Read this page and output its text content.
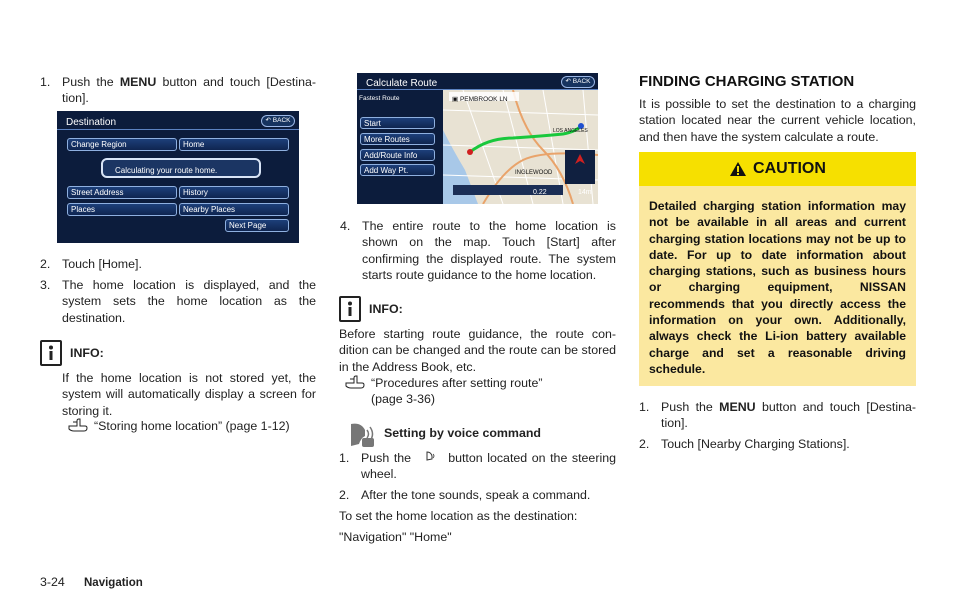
1. Push the MENU button and touch [Destina-tion].
Destination	↶ BACK
Change Region	Home
Street Address	History
Places	Nearby Places
Next Page
Calculating your route home.
2. Touch [Home].
3. The home location is displayed, and the system sets the home location as the destination.
INFO:
If the home location is not stored yet, the system will automatically display a screen for storing it.
“Storing home location” (page 1-12)
Calculate Route	↶ BACK
Fastest Route
Start
More Routes
Add/Route Info
Add Way Pt.
▣ PEMBROOK LN
INGLEWOOD
LOS ANGELES
0.22	14m
4. The entire route to the home location is shown on the map. Touch [Start] after confirming the displayed route. The system starts route guidance to the home location.
INFO:
Before starting route guidance, the route con-dition can be changed and the route can be stored in the Address Book, etc.
“Procedures after setting route” (page 3-36)
Setting by voice command
1. Push the  button located on the steering wheel.
2. After the tone sounds, speak a command.
To set the home location as the destination:
"Navigation" "Home"
FINDING CHARGING STATION
It is possible to set the destination to a charging station located near the current vehicle location, and then have the system calculate a route.
CAUTION
Detailed charging station information may not be available in all areas and current charging station locations may not be up to date. For up to date information about charging stations, such as business hours or charging equipment, NISSAN recommends that you directly access the information on your own. Additionally, always check the Li-ion battery available charge and set a reasonable driving schedule.
1. Push the MENU button and touch [Destina-tion].
2. Touch [Nearby Charging Stations].
3-24 Navigation
